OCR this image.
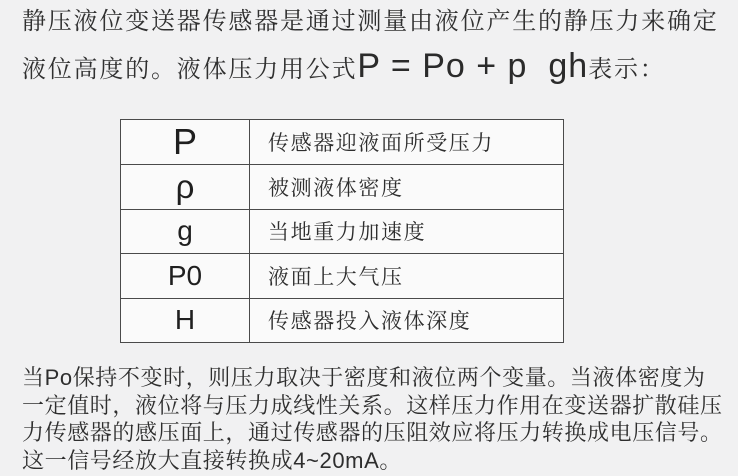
静压液位变送器传感器是通过测量由液位产生的静压力来确定
液位高度的。液体压力用公式P = Po + p  gh表示：
P	传感器迎液面所受压力
ρ	被测液体密度
g	当地重力加速度
P0	液面上大气压
H	传感器投入液体深度
当Po保持不变时，则压力取决于密度和液位两个变量。当液体密度为
一定值时，液位将与压力成线性关系。这样压力作用在变送器扩散硅压
力传感器的感压面上，通过传感器的压阻效应将压力转换成电压信号。
这一信号经放大直接转换成4~20mA。
